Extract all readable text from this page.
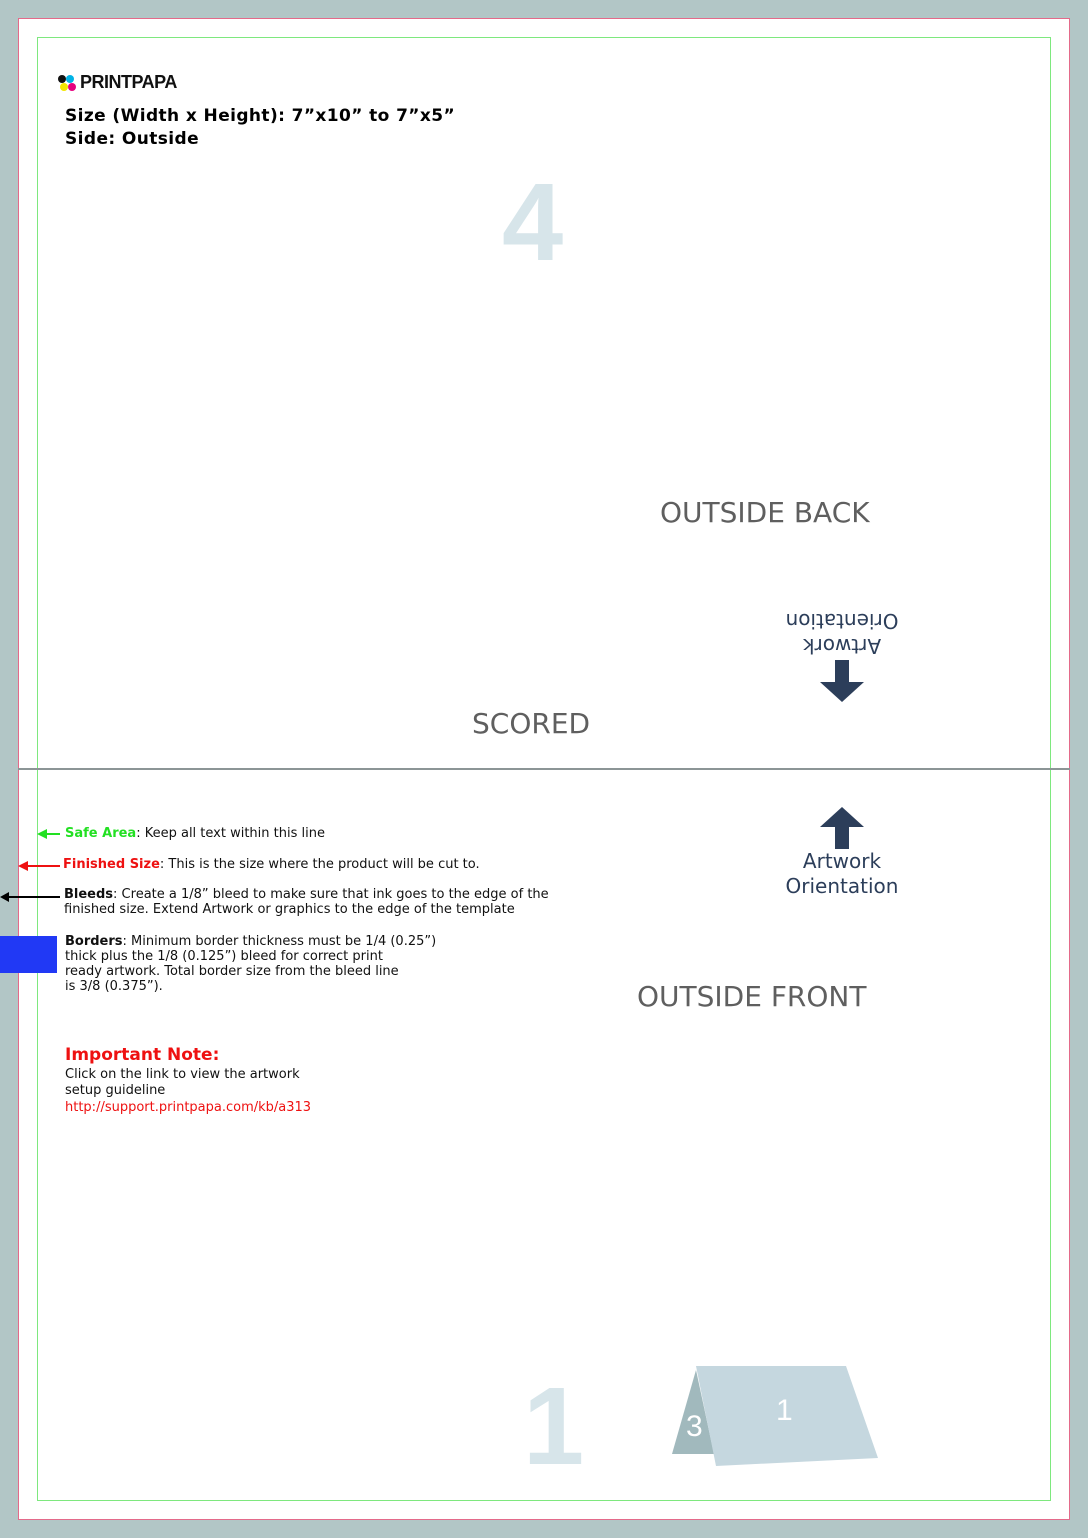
PRINTPAPA
Size (Width x Height): 7”x10” to 7”x5”
Side: Outside
4
1
OUTSIDE BACK
SCORED
OUTSIDE FRONT
Artwork
Orientation
Artwork
Orientation
Safe Area: Keep all text within this line
Finished Size: This is the size where the product will be cut to.
Bleeds: Create a 1/8” bleed to make sure that ink goes to the edge of the
finished size. Extend Artwork or graphics to the edge of the template
Borders: Minimum border thickness must be 1/4 (0.25”)
thick plus the 1/8 (0.125”) bleed for correct print
ready artwork. Total border size from the bleed line
is 3/8 (0.375”).
Important Note:
Click on the link to view the artwork
setup guideline
http://support.printpapa.com/kb/a313
3 1
